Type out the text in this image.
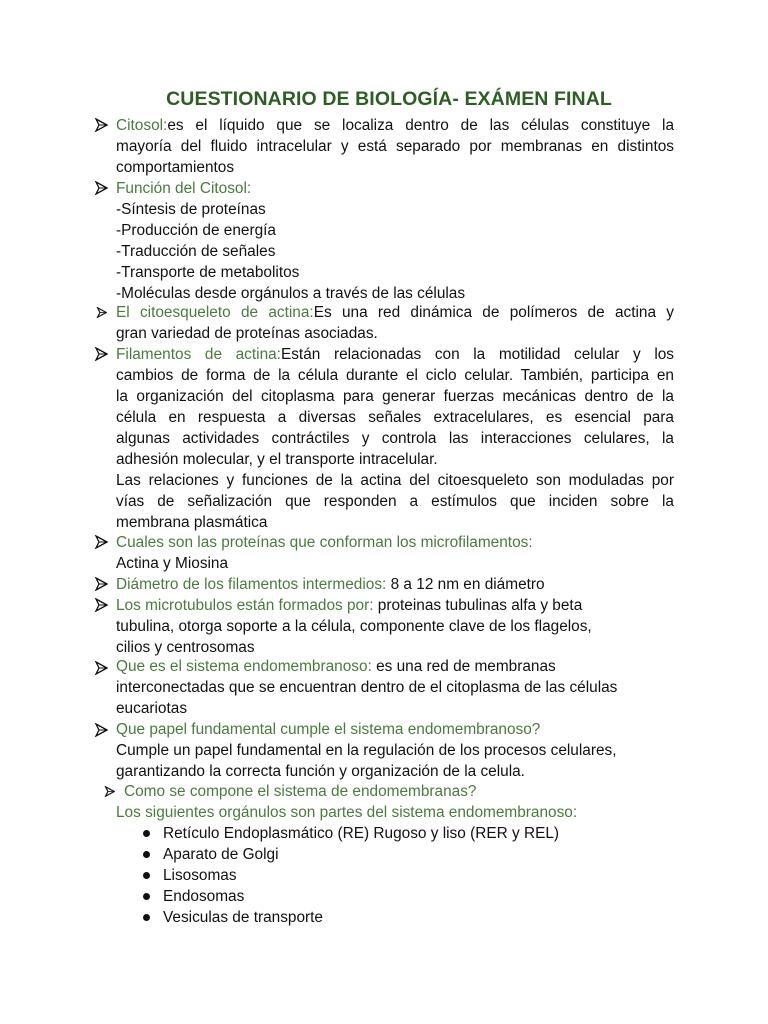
CUESTIONARIO DE BIOLOGÍA- EXÁMEN FINAL
Citosol:es el líquido que se localiza dentro de las células constituye la
mayoría del fluido intracelular y está separado por membranas en distintos
comportamientos
Función del Citosol:
-Síntesis de proteínas
-Producción de energía
-Traducción de señales
-Transporte de metabolitos
-Moléculas desde orgánulos a través de las células
El citoesqueleto de actina:Es una red dinámica de polímeros de actina y
gran variedad de proteínas asociadas.
Filamentos de actina:Están relacionadas con la motilidad celular y los
cambios de forma de la célula durante el ciclo celular. También, participa en
la organización del citoplasma para generar fuerzas mecánicas dentro de la
célula en respuesta a diversas señales extracelulares, es esencial para
algunas actividades contráctiles y controla las interacciones celulares, la
adhesión molecular, y el transporte intracelular.
Las relaciones y funciones de la actina del citoesqueleto son moduladas por
vías de señalización que responden a estímulos que inciden sobre la
membrana plasmática
Cuales son las proteínas que conforman los microfilamentos:
Actina y Miosina
Diámetro de los filamentos intermedios: 8 a 12 nm en diámetro
Los microtubulos están formados por: proteinas tubulinas alfa y beta
tubulina, otorga soporte a la célula, componente clave de los flagelos,
cilios y centrosomas
Que es el sistema endomembranoso: es una red de membranas
interconectadas que se encuentran dentro de el citoplasma de las células
eucariotas
Que papel fundamental cumple el sistema endomembranoso?
Cumple un papel fundamental en la regulación de los procesos celulares,
garantizando la correcta función y organización de la celula.
Como se compone el sistema de endomembranas?
Los siguientes orgánulos son partes del sistema endomembranoso:
Retículo Endoplasmático (RE) Rugoso y liso (RER y REL)
Aparato de Golgi
Lisosomas
Endosomas
Vesiculas de transporte
